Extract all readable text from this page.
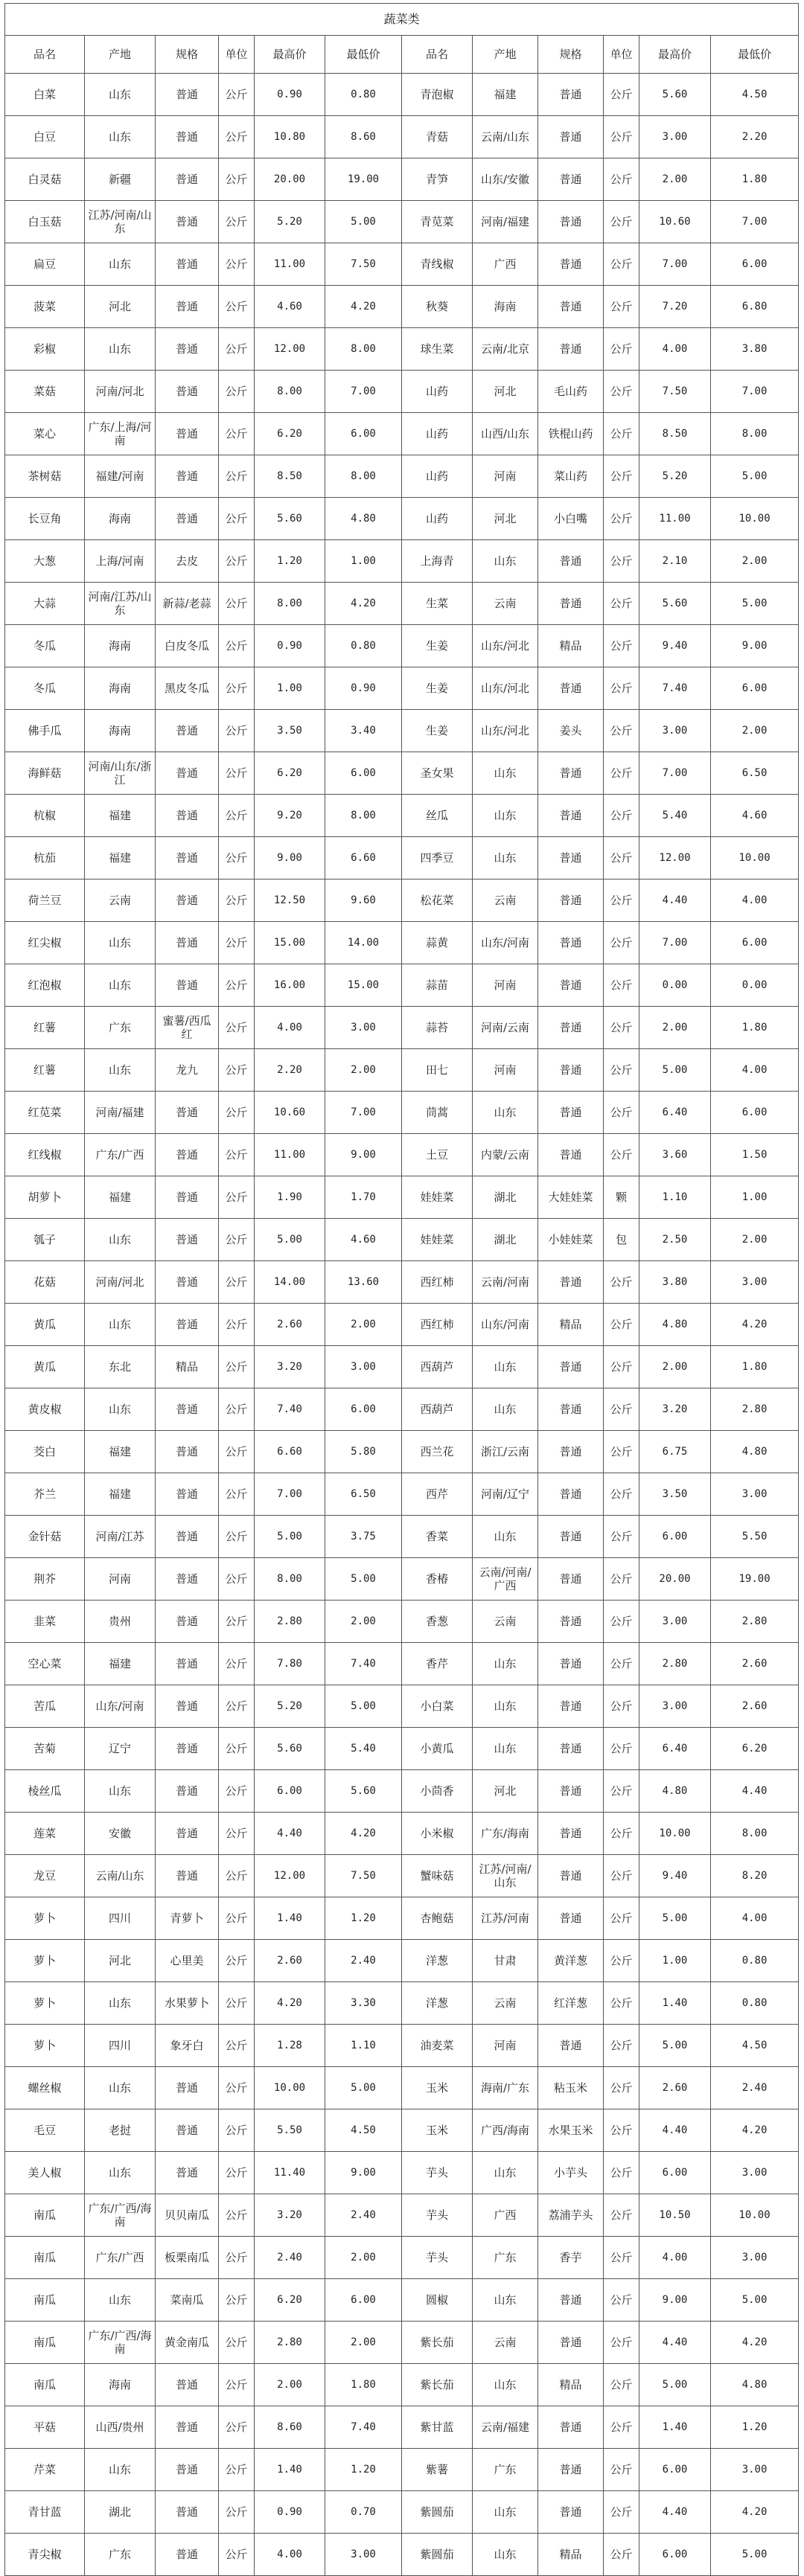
蔬菜类											
品名	产地	规格	单位	最高价	最低价	品名	产地	规格	单位	最高价	最低价
白菜	山东	普通	公斤	0.90	0.80	青泡椒	福建	普通	公斤	5.60	4.50
白豆	山东	普通	公斤	10.80	8.60	青菇	云南/山东	普通	公斤	3.00	2.20
白灵菇	新疆	普通	公斤	20.00	19.00	青笋	山东/安徽	普通	公斤	2.00	1.80
白玉菇	江苏/河南/山东	普通	公斤	5.20	5.00	青苋菜	河南/福建	普通	公斤	10.60	7.00
扁豆	山东	普通	公斤	11.00	7.50	青线椒	广西	普通	公斤	7.00	6.00
菠菜	河北	普通	公斤	4.60	4.20	秋葵	海南	普通	公斤	7.20	6.80
彩椒	山东	普通	公斤	12.00	8.00	球生菜	云南/北京	普通	公斤	4.00	3.80
菜菇	河南/河北	普通	公斤	8.00	7.00	山药	河北	毛山药	公斤	7.50	7.00
菜心	广东/上海/河南	普通	公斤	6.20	6.00	山药	山西/山东	铁棍山药	公斤	8.50	8.00
茶树菇	福建/河南	普通	公斤	8.50	8.00	山药	河南	菜山药	公斤	5.20	5.00
长豆角	海南	普通	公斤	5.60	4.80	山药	河北	小白嘴	公斤	11.00	10.00
大葱	上海/河南	去皮	公斤	1.20	1.00	上海青	山东	普通	公斤	2.10	2.00
大蒜	河南/江苏/山东	新蒜/老蒜	公斤	8.00	4.20	生菜	云南	普通	公斤	5.60	5.00
冬瓜	海南	白皮冬瓜	公斤	0.90	0.80	生姜	山东/河北	精品	公斤	9.40	9.00
冬瓜	海南	黑皮冬瓜	公斤	1.00	0.90	生姜	山东/河北	普通	公斤	7.40	6.00
佛手瓜	海南	普通	公斤	3.50	3.40	生姜	山东/河北	姜头	公斤	3.00	2.00
海鲜菇	河南/山东/浙江	普通	公斤	6.20	6.00	圣女果	山东	普通	公斤	7.00	6.50
杭椒	福建	普通	公斤	9.20	8.00	丝瓜	山东	普通	公斤	5.40	4.60
杭茄	福建	普通	公斤	9.00	6.60	四季豆	山东	普通	公斤	12.00	10.00
荷兰豆	云南	普通	公斤	12.50	9.60	松花菜	云南	普通	公斤	4.40	4.00
红尖椒	山东	普通	公斤	15.00	14.00	蒜黄	山东/河南	普通	公斤	7.00	6.00
红泡椒	山东	普通	公斤	16.00	15.00	蒜苗	河南	普通	公斤	0.00	0.00
红薯	广东	蜜薯/西瓜红	公斤	4.00	3.00	蒜苔	河南/云南	普通	公斤	2.00	1.80
红薯	山东	龙九	公斤	2.20	2.00	田七	河南	普通	公斤	5.00	4.00
红苋菜	河南/福建	普通	公斤	10.60	7.00	茼蒿	山东	普通	公斤	6.40	6.00
红线椒	广东/广西	普通	公斤	11.00	9.00	土豆	内蒙/云南	普通	公斤	3.60	1.50
胡萝卜	福建	普通	公斤	1.90	1.70	娃娃菜	湖北	大娃娃菜	颗	1.10	1.00
瓠子	山东	普通	公斤	5.00	4.60	娃娃菜	湖北	小娃娃菜	包	2.50	2.00
花菇	河南/河北	普通	公斤	14.00	13.60	西红柿	云南/河南	普通	公斤	3.80	3.00
黄瓜	山东	普通	公斤	2.60	2.00	西红柿	山东/河南	精品	公斤	4.80	4.20
黄瓜	东北	精品	公斤	3.20	3.00	西葫芦	山东	普通	公斤	2.00	1.80
黄皮椒	山东	普通	公斤	7.40	6.00	西葫芦	山东	普通	公斤	3.20	2.80
茭白	福建	普通	公斤	6.60	5.80	西兰花	浙江/云南	普通	公斤	6.75	4.80
芥兰	福建	普通	公斤	7.00	6.50	西芹	河南/辽宁	普通	公斤	3.50	3.00
金针菇	河南/江苏	普通	公斤	5.00	3.75	香菜	山东	普通	公斤	6.00	5.50
荆芥	河南	普通	公斤	8.00	5.00	香椿	云南/河南/广西	普通	公斤	20.00	19.00
韭菜	贵州	普通	公斤	2.80	2.00	香葱	云南	普通	公斤	3.00	2.80
空心菜	福建	普通	公斤	7.80	7.40	香芹	山东	普通	公斤	2.80	2.60
苦瓜	山东/河南	普通	公斤	5.20	5.00	小白菜	山东	普通	公斤	3.00	2.60
苦菊	辽宁	普通	公斤	5.60	5.40	小黄瓜	山东	普通	公斤	6.40	6.20
棱丝瓜	山东	普通	公斤	6.00	5.60	小茴香	河北	普通	公斤	4.80	4.40
莲菜	安徽	普通	公斤	4.40	4.20	小米椒	广东/海南	普通	公斤	10.00	8.00
龙豆	云南/山东	普通	公斤	12.00	7.50	蟹味菇	江苏/河南/山东	普通	公斤	9.40	8.20
萝卜	四川	青萝卜	公斤	1.40	1.20	杏鲍菇	江苏/河南	普通	公斤	5.00	4.00
萝卜	河北	心里美	公斤	2.60	2.40	洋葱	甘肃	黄洋葱	公斤	1.00	0.80
萝卜	山东	水果萝卜	公斤	4.20	3.30	洋葱	云南	红洋葱	公斤	1.40	0.80
萝卜	四川	象牙白	公斤	1.28	1.10	油麦菜	河南	普通	公斤	5.00	4.50
螺丝椒	山东	普通	公斤	10.00	5.00	玉米	海南/广东	粘玉米	公斤	2.60	2.40
毛豆	老挝	普通	公斤	5.50	4.50	玉米	广西/海南	水果玉米	公斤	4.40	4.20
美人椒	山东	普通	公斤	11.40	9.00	芋头	山东	小芋头	公斤	6.00	3.00
南瓜	广东/广西/海南	贝贝南瓜	公斤	3.20	2.40	芋头	广西	荔浦芋头	公斤	10.50	10.00
南瓜	广东/广西	板栗南瓜	公斤	2.40	2.00	芋头	广东	香芋	公斤	4.00	3.00
南瓜	山东	菜南瓜	公斤	6.20	6.00	圆椒	山东	普通	公斤	9.00	5.00
南瓜	广东/广西/海南	黄金南瓜	公斤	2.80	2.00	紫长茄	云南	普通	公斤	4.40	4.20
南瓜	海南	普通	公斤	2.00	1.80	紫长茄	山东	精品	公斤	5.00	4.80
平菇	山西/贵州	普通	公斤	8.60	7.40	紫甘蓝	云南/福建	普通	公斤	1.40	1.20
芹菜	山东	普通	公斤	1.40	1.20	紫薯	广东	普通	公斤	6.00	3.00
青甘蓝	湖北	普通	公斤	0.90	0.70	紫圆茄	山东	普通	公斤	4.40	4.20
青尖椒	广东	普通	公斤	4.00	3.00	紫圆茄	山东	精品	公斤	6.00	5.00
